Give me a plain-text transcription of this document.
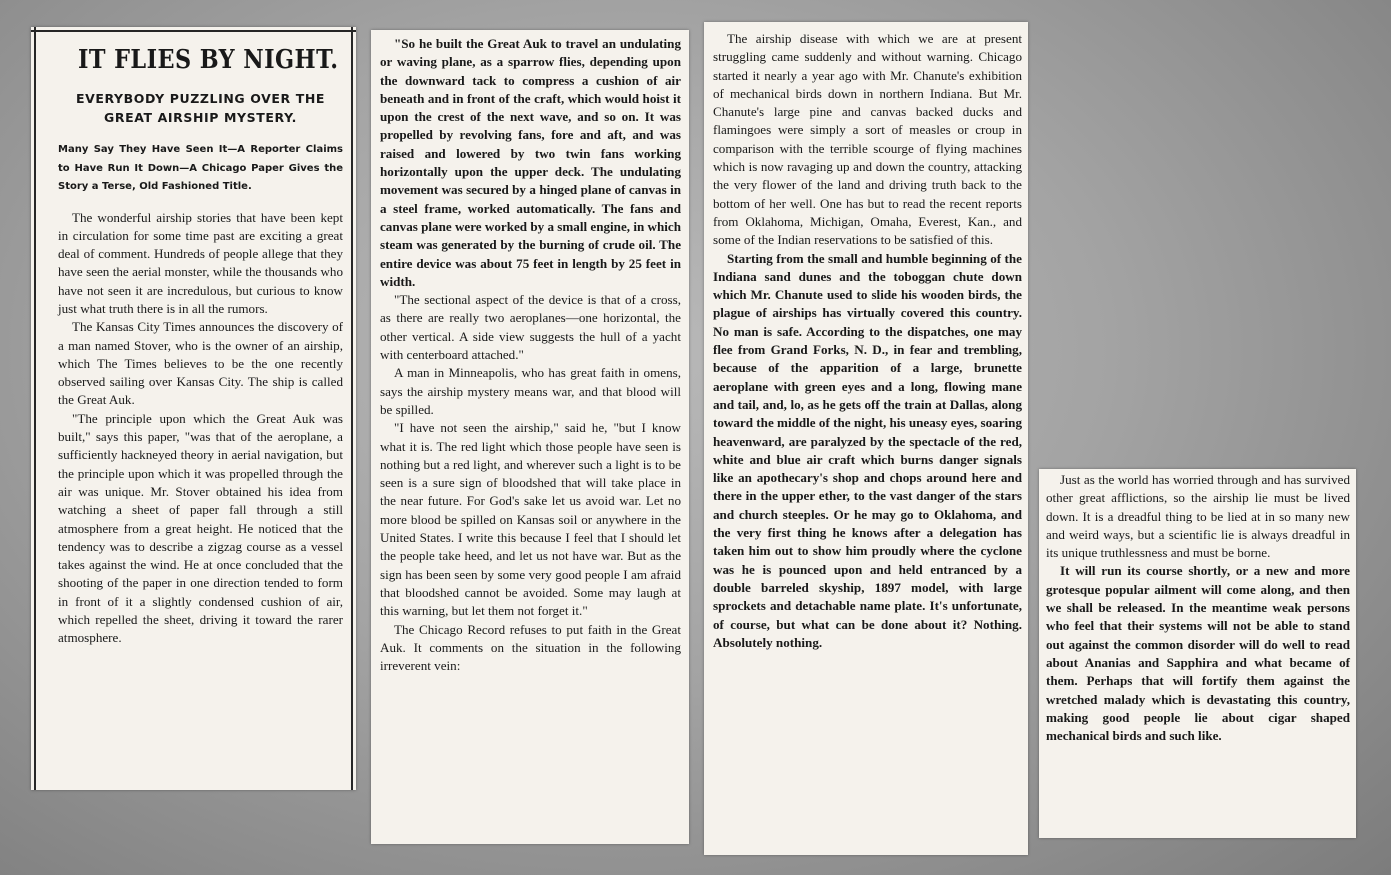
IT FLIES BY NIGHT.
EVERYBODY PUZZLING OVER THE GREAT AIRSHIP MYSTERY.
Many Say They Have Seen It—A Reporter Claims to Have Run It Down—A Chicago Paper Gives the Story a Terse, Old Fashioned Title.

The wonderful airship stories that have been kept in circulation for some time past are exciting a great deal of comment. Hundreds of people allege that they have seen the aerial monster, while the thousands who have not seen it are incredulous, but curious to know just what truth there is in all the rumors.

The Kansas City Times announces the discovery of a man named Stover, who is the owner of an airship, which The Times believes to be the one recently observed sailing over Kansas City. The ship is called the Great Auk.

"The principle upon which the Great Auk was built," says this paper, "was that of the aeroplane, a sufficiently hackneyed theory in aerial navigation, but the principle upon which it was propelled through the air was unique. Mr. Stover obtained his idea from watching a sheet of paper fall through a still atmosphere from a great height. He noticed that the tendency was to describe a zigzag course as a vessel takes against the wind. He at once concluded that the shooting of the paper in one direction tended to form in front of it a slightly condensed cushion of air, which repelled the sheet, driving it toward the rarer atmosphere.

"So he built the Great Auk to travel an undulating or waving plane, as a sparrow flies, depending upon the downward tack to compress a cushion of air beneath and in front of the craft, which would hoist it upon the crest of the next wave, and so on. It was propelled by revolving fans, fore and aft, and was raised and lowered by two twin fans working horizontally upon the upper deck. The undulating movement was secured by a hinged plane of canvas in a steel frame, worked automatically. The fans and canvas plane were worked by a small engine, in which steam was generated by the burning of crude oil. The entire device was about 75 feet in length by 25 feet in width.

"The sectional aspect of the device is that of a cross, as there are really two aeroplanes—one horizontal, the other vertical. A side view suggests the hull of a yacht with centerboard attached."

A man in Minneapolis, who has great faith in omens, says the airship mystery means war, and that blood will be spilled.

"I have not seen the airship," said he, "but I know what it is. The red light which those people have seen is nothing but a red light, and wherever such a light is to be seen is a sure sign of bloodshed that will take place in the near future. For God's sake let us avoid war. Let no more blood be spilled on Kansas soil or anywhere in the United States. I write this because I feel that I should let the people take heed, and let us not have war. But as the sign has been seen by some very good people I am afraid that bloodshed cannot be avoided. Some may laugh at this warning, but let them not forget it."

The Chicago Record refuses to put faith in the Great Auk. It comments on the situation in the following irreverent vein:

The airship disease with which we are at present struggling came suddenly and without warning. Chicago started it nearly a year ago with Mr. Chanute's exhibition of mechanical birds down in northern Indiana. But Mr. Chanute's large pine and canvas backed ducks and flamingoes were simply a sort of measles or croup in comparison with the terrible scourge of flying machines which is now ravaging up and down the country, attacking the very flower of the land and driving truth back to the bottom of her well. One has but to read the recent reports from Oklahoma, Michigan, Omaha, Everest, Kan., and some of the Indian reservations to be satisfied of this.

Starting from the small and humble beginning of the Indiana sand dunes and the toboggan chute down which Mr. Chanute used to slide his wooden birds, the plague of airships has virtually covered this country. No man is safe. According to the dispatches, one may flee from Grand Forks, N. D., in fear and trembling, because of the apparition of a large, brunette aeroplane with green eyes and a long, flowing mane and tail, and, lo, as he gets off the train at Dallas, along toward the middle of the night, his uneasy eyes, soaring heavenward, are paralyzed by the spectacle of the red, white and blue air craft which burns danger signals like an apothecary's shop and chops around here and there in the upper ether, to the vast danger of the stars and church steeples. Or he may go to Oklahoma, and the very first thing he knows after a delegation has taken him out to show him proudly where the cyclone was he is pounced upon and held entranced by a double barreled skyship, 1897 model, with large sprockets and detachable name plate. It's unfortunate, of course, but what can be done about it? Nothing. Absolutely nothing.

Just as the world has worried through and has survived other great afflictions, so the airship lie must be lived down. It is a dreadful thing to be lied at in so many new and weird ways, but a scientific lie is always dreadful in its unique truthlessness and must be borne.

It will run its course shortly, or a new and more grotesque popular ailment will come along, and then we shall be released. In the meantime weak persons who feel that their systems will not be able to stand out against the common disorder will do well to read about Ananias and Sapphira and what became of them. Perhaps that will fortify them against the wretched malady which is devastating this country, making good people lie about cigar shaped mechanical birds and such like.
